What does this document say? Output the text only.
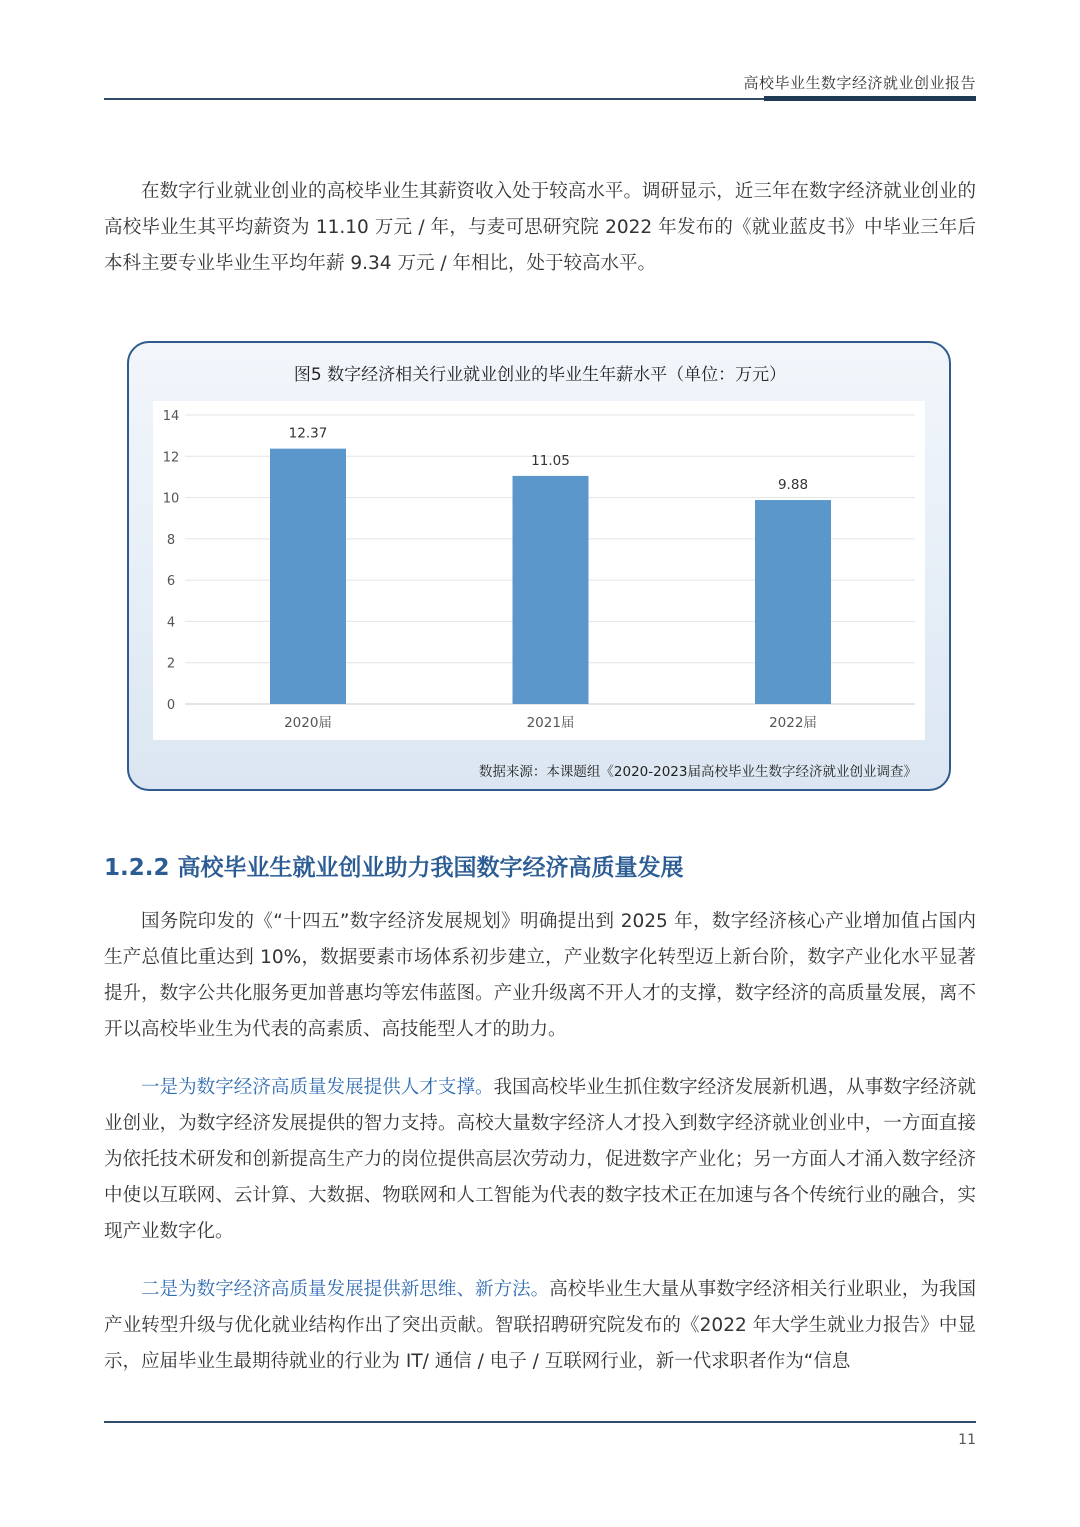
高校毕业生数字经济就业创业报告

在数字行业就业创业的高校毕业生其薪资收入处于较高水平。调研显示，近三年在数字经济就业创业的高校毕业生其平均薪资为 11.10 万元 / 年，与麦可思研究院 2022 年发布的《就业蓝皮书》中毕业三年后本科主要专业毕业生平均年薪 9.34 万元 / 年相比，处于较高水平。

图5 数字经济相关行业就业创业的毕业生年薪水平（单位：万元）
0
2
4
6
8
10
12
14
12.37
2020届
11.05
2021届
9.88
2022届
数据来源：本课题组《2020-2023届高校毕业生数字经济就业创业调查》
1.2.2 高校毕业生就业创业助力我国数字经济高质量发展

国务院印发的《“十四五”数字经济发展规划》明确提出到 2025 年，数字经济核心产业增加值占国内生产总值比重达到 10%，数据要素市场体系初步建立，产业数字化转型迈上新台阶，数字产业化水平显著提升，数字公共化服务更加普惠均等宏伟蓝图。产业升级离不开人才的支撑，数字经济的高质量发展，离不开以高校毕业生为代表的高素质、高技能型人才的助力。

一是为数字经济高质量发展提供人才支撑。我国高校毕业生抓住数字经济发展新机遇，从事数字经济就业创业，为数字经济发展提供的智力支持。高校大量数字经济人才投入到数字经济就业创业中，一方面直接为依托技术研发和创新提高生产力的岗位提供高层次劳动力，促进数字产业化；另一方面人才涌入数字经济中使以互联网、云计算、大数据、物联网和人工智能为代表的数字技术正在加速与各个传统行业的融合，实现产业数字化。

二是为数字经济高质量发展提供新思维、新方法。高校毕业生大量从事数字经济相关行业职业，为我国产业转型升级与优化就业结构作出了突出贡献。智联招聘研究院发布的《2022 年大学生就业力报告》中显示，应届毕业生最期待就业的行业为 IT/ 通信 / 电子 / 互联网行业，新一代求职者作为“信息

11
